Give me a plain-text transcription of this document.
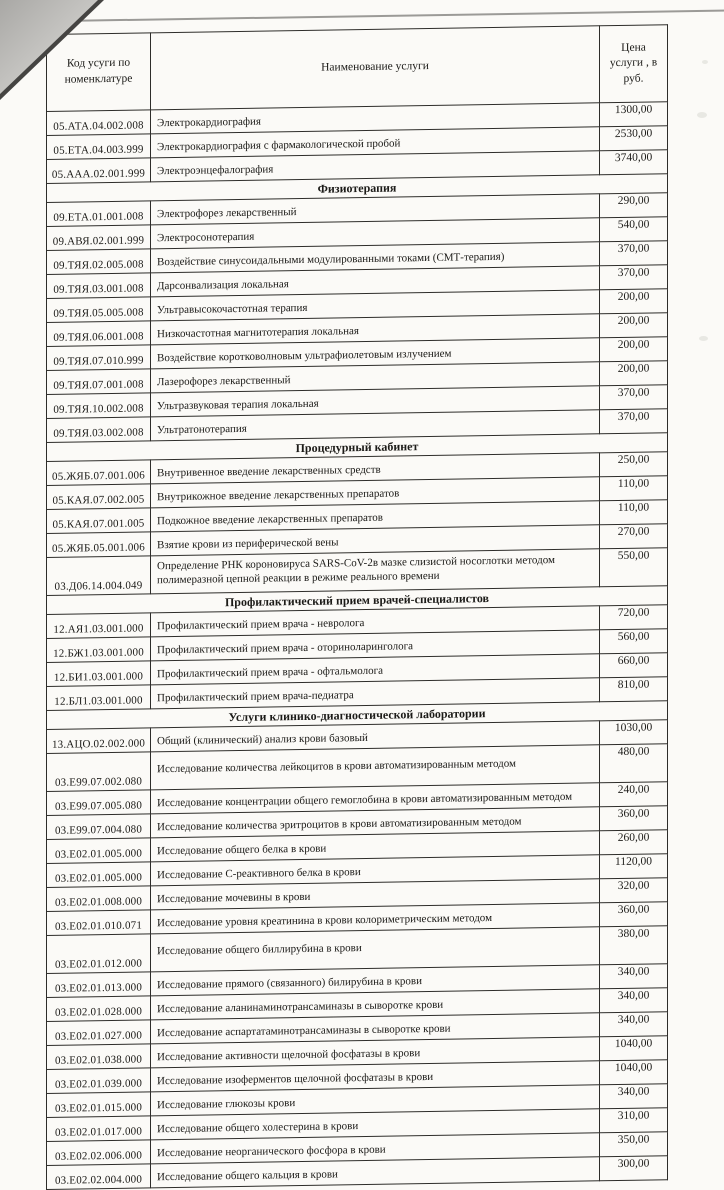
Код усуги по номенклатуре	Наименование услуги	Цена услуги , в руб.
05.АТА.04.002.008	Электрокардиография	1300,00
05.ЕТА.04.003.999	Электрокардиография с фармакологической пробой	2530,00
05.ААА.02.001.999	Электроэнцефалография	3740,00
Физиотерапия		
09.ЕТА.01.001.008	Электрофорез лекарственный	290,00
09.АВЯ.02.001.999	Электросонотерапия	540,00
09.ТЯЯ.02.005.008	Воздействие синусоидальными модулированными токами (СМТ-терапия)	370,00
09.ТЯЯ.03.001.008	Дарсонвализация локальная	370,00
09.ТЯЯ.05.005.008	Ультравысокочастотная терапия	200,00
09.ТЯЯ.06.001.008	Низкочастотная магнитотерапия локальная	200,00
09.ТЯЯ.07.010.999	Воздействие коротковолновым ультрафиолетовым излучением	200,00
09.ТЯЯ.07.001.008	Лазерофорез лекарственный	200,00
09.ТЯЯ.10.002.008	Ультразвуковая терапия локальная	370,00
09.ТЯЯ.03.002.008	Ультратонотерапия	370,00
Процедурный кабинет		
05.ЖЯБ.07.001.006	Внутривенное введение лекарственных средств	250,00
05.КАЯ.07.002.005	Внутрикожное введение лекарственных препаратов	110,00
05.КАЯ.07.001.005	Подкожное введение лекарственных препаратов	110,00
05.ЖЯБ.05.001.006	Взятие крови из периферической вены	270,00
03.Д06.14.004.049	Определение РНК короновируса SARS-CoV-2в мазке слизистой носоглотки методом полимеразной цепной реакции в режиме реального времени	550,00
Профилактический прием врачей-специалистов		
12.АЯ1.03.001.000	Профилактический прием врача - невролога	720,00
12.БЖ1.03.001.000	Профилактический прием врача - оториноларинголога	560,00
12.БИ1.03.001.000	Профилактический прием врача - офтальмолога	660,00
12.БЛ1.03.001.000	Профилактический прием врача-педиатра	810,00
Услуги клинико-диагностической лаборатории		
13.АЦО.02.002.000	Общий (клинический) анализ крови базовый	1030,00
03.Е99.07.002.080	Исследование количества лейкоцитов в крови автоматизированным методом	480,00
03.Е99.07.005.080	Исследование концентрации общего гемоглобина в крови автоматизированным методом	240,00
03.Е99.07.004.080	Исследование количества эритроцитов в крови автоматизированным методом	360,00
03.Е02.01.005.000	Исследование общего белка в крови	260,00
03.Е02.01.005.000	Исследование С-реактивного белка в крови	1120,00
03.Е02.01.008.000	Исследование мочевины в крови	320,00
03.Е02.01.010.071	Исследование уровня креатинина в крови колориметрическим методом	360,00
03.Е02.01.012.000	Исследование общего биллирубина в крови	380,00
03.Е02.01.013.000	Исследование прямого (связанного) билирубина в крови	340,00
03.Е02.01.028.000	Исследование аланинаминотрансаминазы в сыворотке крови	340,00
03.Е02.01.027.000	Исследование аспартатаминотрансаминазы в сыворотке крови	340,00
03.Е02.01.038.000	Исследование активности щелочной фосфатазы в крови	1040,00
03.Е02.01.039.000	Исследование изоферментов щелочной фосфатазы в крови	1040,00
03.Е02.01.015.000	Исследование глюкозы крови	340,00
03.Е02.01.017.000	Исследование общего холестерина в крови	310,00
03.Е02.02.006.000	Исследование неорганического фосфора в крови	350,00
03.Е02.02.004.000	Исследование общего кальция в крови	300,00
